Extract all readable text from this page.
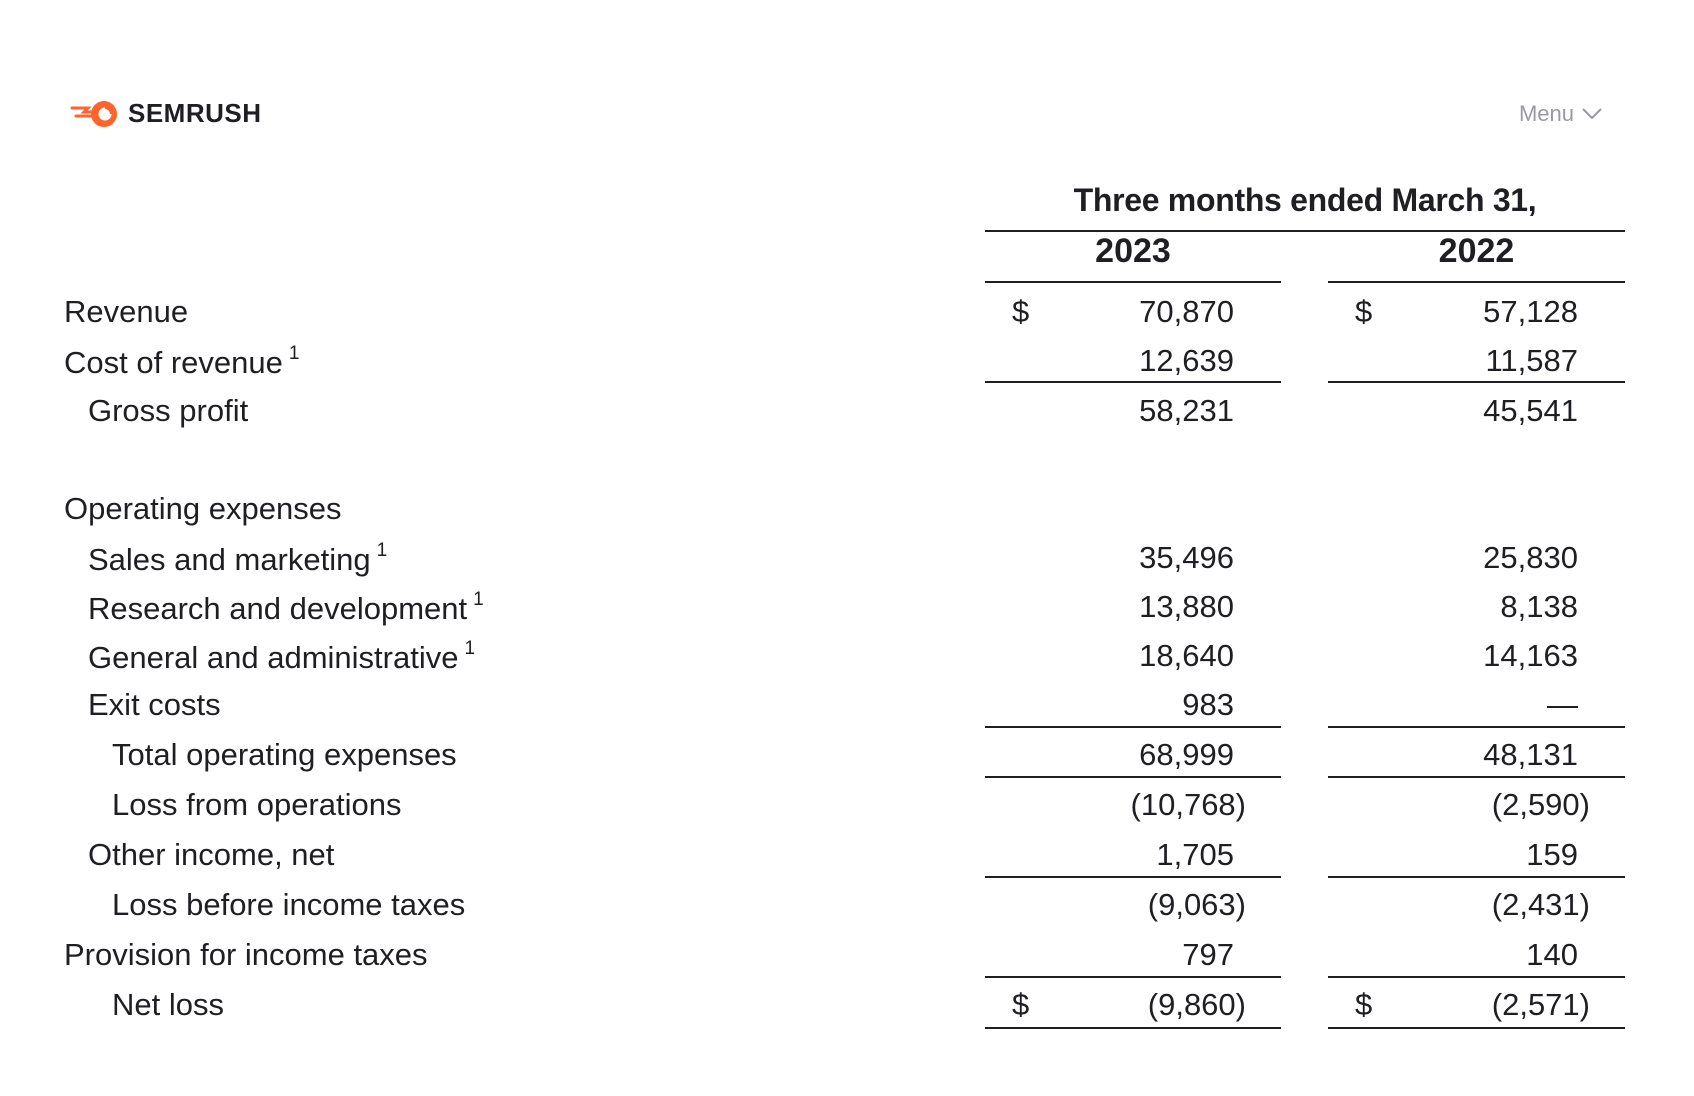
SEMRUSH	Menu
Three months ended March 31,
2023	2022
Revenue	$	70,870	$	57,128
Cost of revenue $^1$	12,639	11,587
Gross profit	58,231	45,541
Operating expenses
Sales and marketing $^1$	35,496	25,830
Research and development $^1$	13,880	8,138
General and administrative $^1$	18,640	14,163
Exit costs	983	—
Total operating expenses	68,999	48,131
Loss from operations	(10,768)	(2,590)
Other income, net	1,705	159
Loss before income taxes	(9,063)	(2,431)
Provision for income taxes	797	140
Net loss	$	(9,860)	$	(2,571)
